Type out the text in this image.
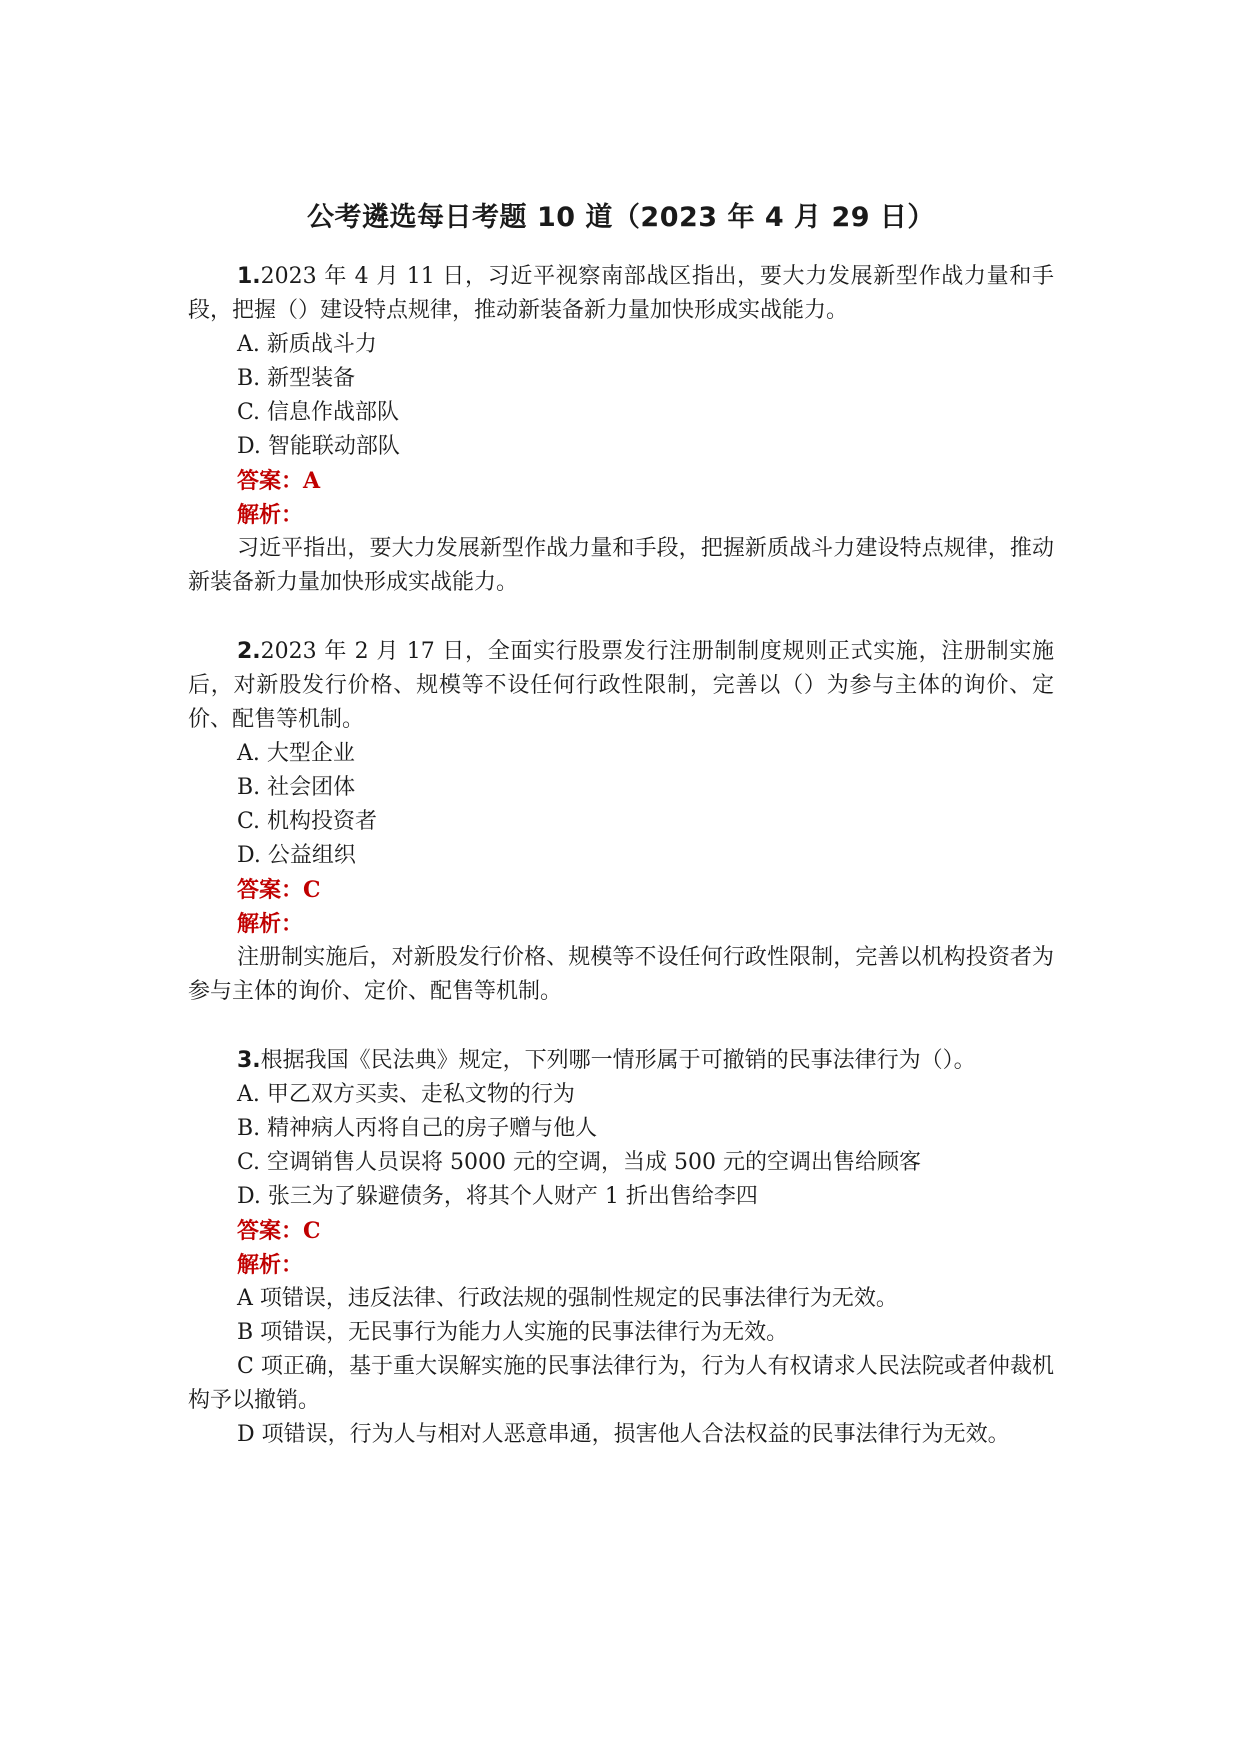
公考遴选每日考题 10 道（2023 年 4 月 29 日）

1.2023 年 4 月 11 日，习近平视察南部战区指出，要大力发展新型作战力量和手段，把握（）建设特点规律，推动新装备新力量加快形成实战能力。

A. 新质战斗力

B. 新型装备

C. 信息作战部队

D. 智能联动部队

答案：A

解析：

习近平指出，要大力发展新型作战力量和手段，把握新质战斗力建设特点规律，推动新装备新力量加快形成实战能力。

2.2023 年 2 月 17 日，全面实行股票发行注册制制度规则正式实施，注册制实施后，对新股发行价格、规模等不设任何行政性限制，完善以（）为参与主体的询价、定价、配售等机制。

A. 大型企业

B. 社会团体

C. 机构投资者

D. 公益组织

答案：C

解析：

注册制实施后，对新股发行价格、规模等不设任何行政性限制，完善以机构投资者为参与主体的询价、定价、配售等机制。

3.根据我国《民法典》规定，下列哪一情形属于可撤销的民事法律行为（）。

A. 甲乙双方买卖、走私文物的行为

B. 精神病人丙将自己的房子赠与他人

C. 空调销售人员误将 5000 元的空调，当成 500 元的空调出售给顾客

D. 张三为了躲避债务，将其个人财产 1 折出售给李四

答案：C

解析：

A 项错误，违反法律、行政法规的强制性规定的民事法律行为无效。

B 项错误，无民事行为能力人实施的民事法律行为无效。

C 项正确，基于重大误解实施的民事法律行为，行为人有权请求人民法院或者仲裁机构予以撤销。

D 项错误，行为人与相对人恶意串通，损害他人合法权益的民事法律行为无效。
